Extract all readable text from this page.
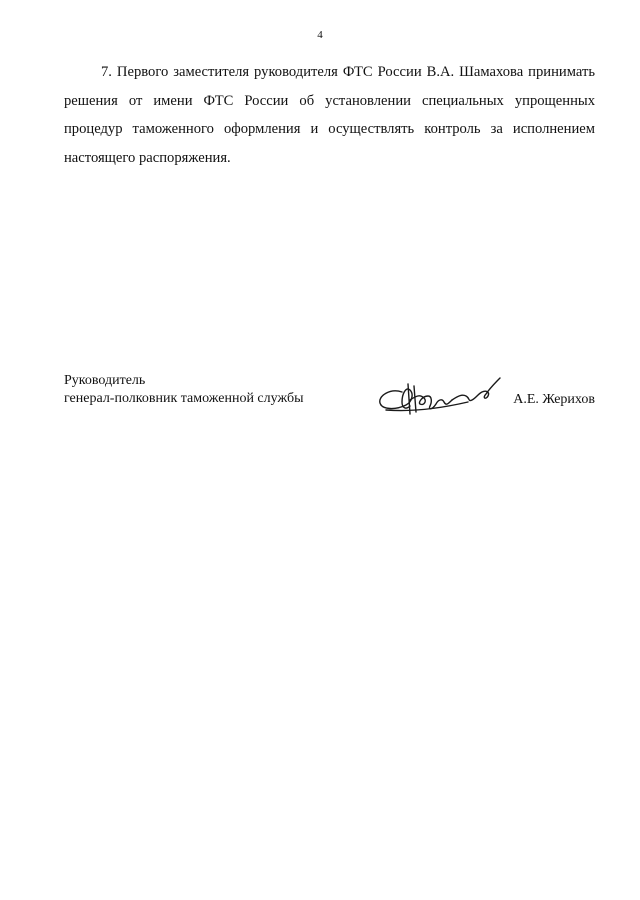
4

7. Первого заместителя руководителя ФТС России В.А. Шамахова принимать решения от имени ФТС России об установлении специальных упрощенных процедур таможенного оформления и осуществлять контроль за исполнением настоящего распоряжения.

Руководитель
генерал-полковник таможенной службы	А.Е. Жерихов
